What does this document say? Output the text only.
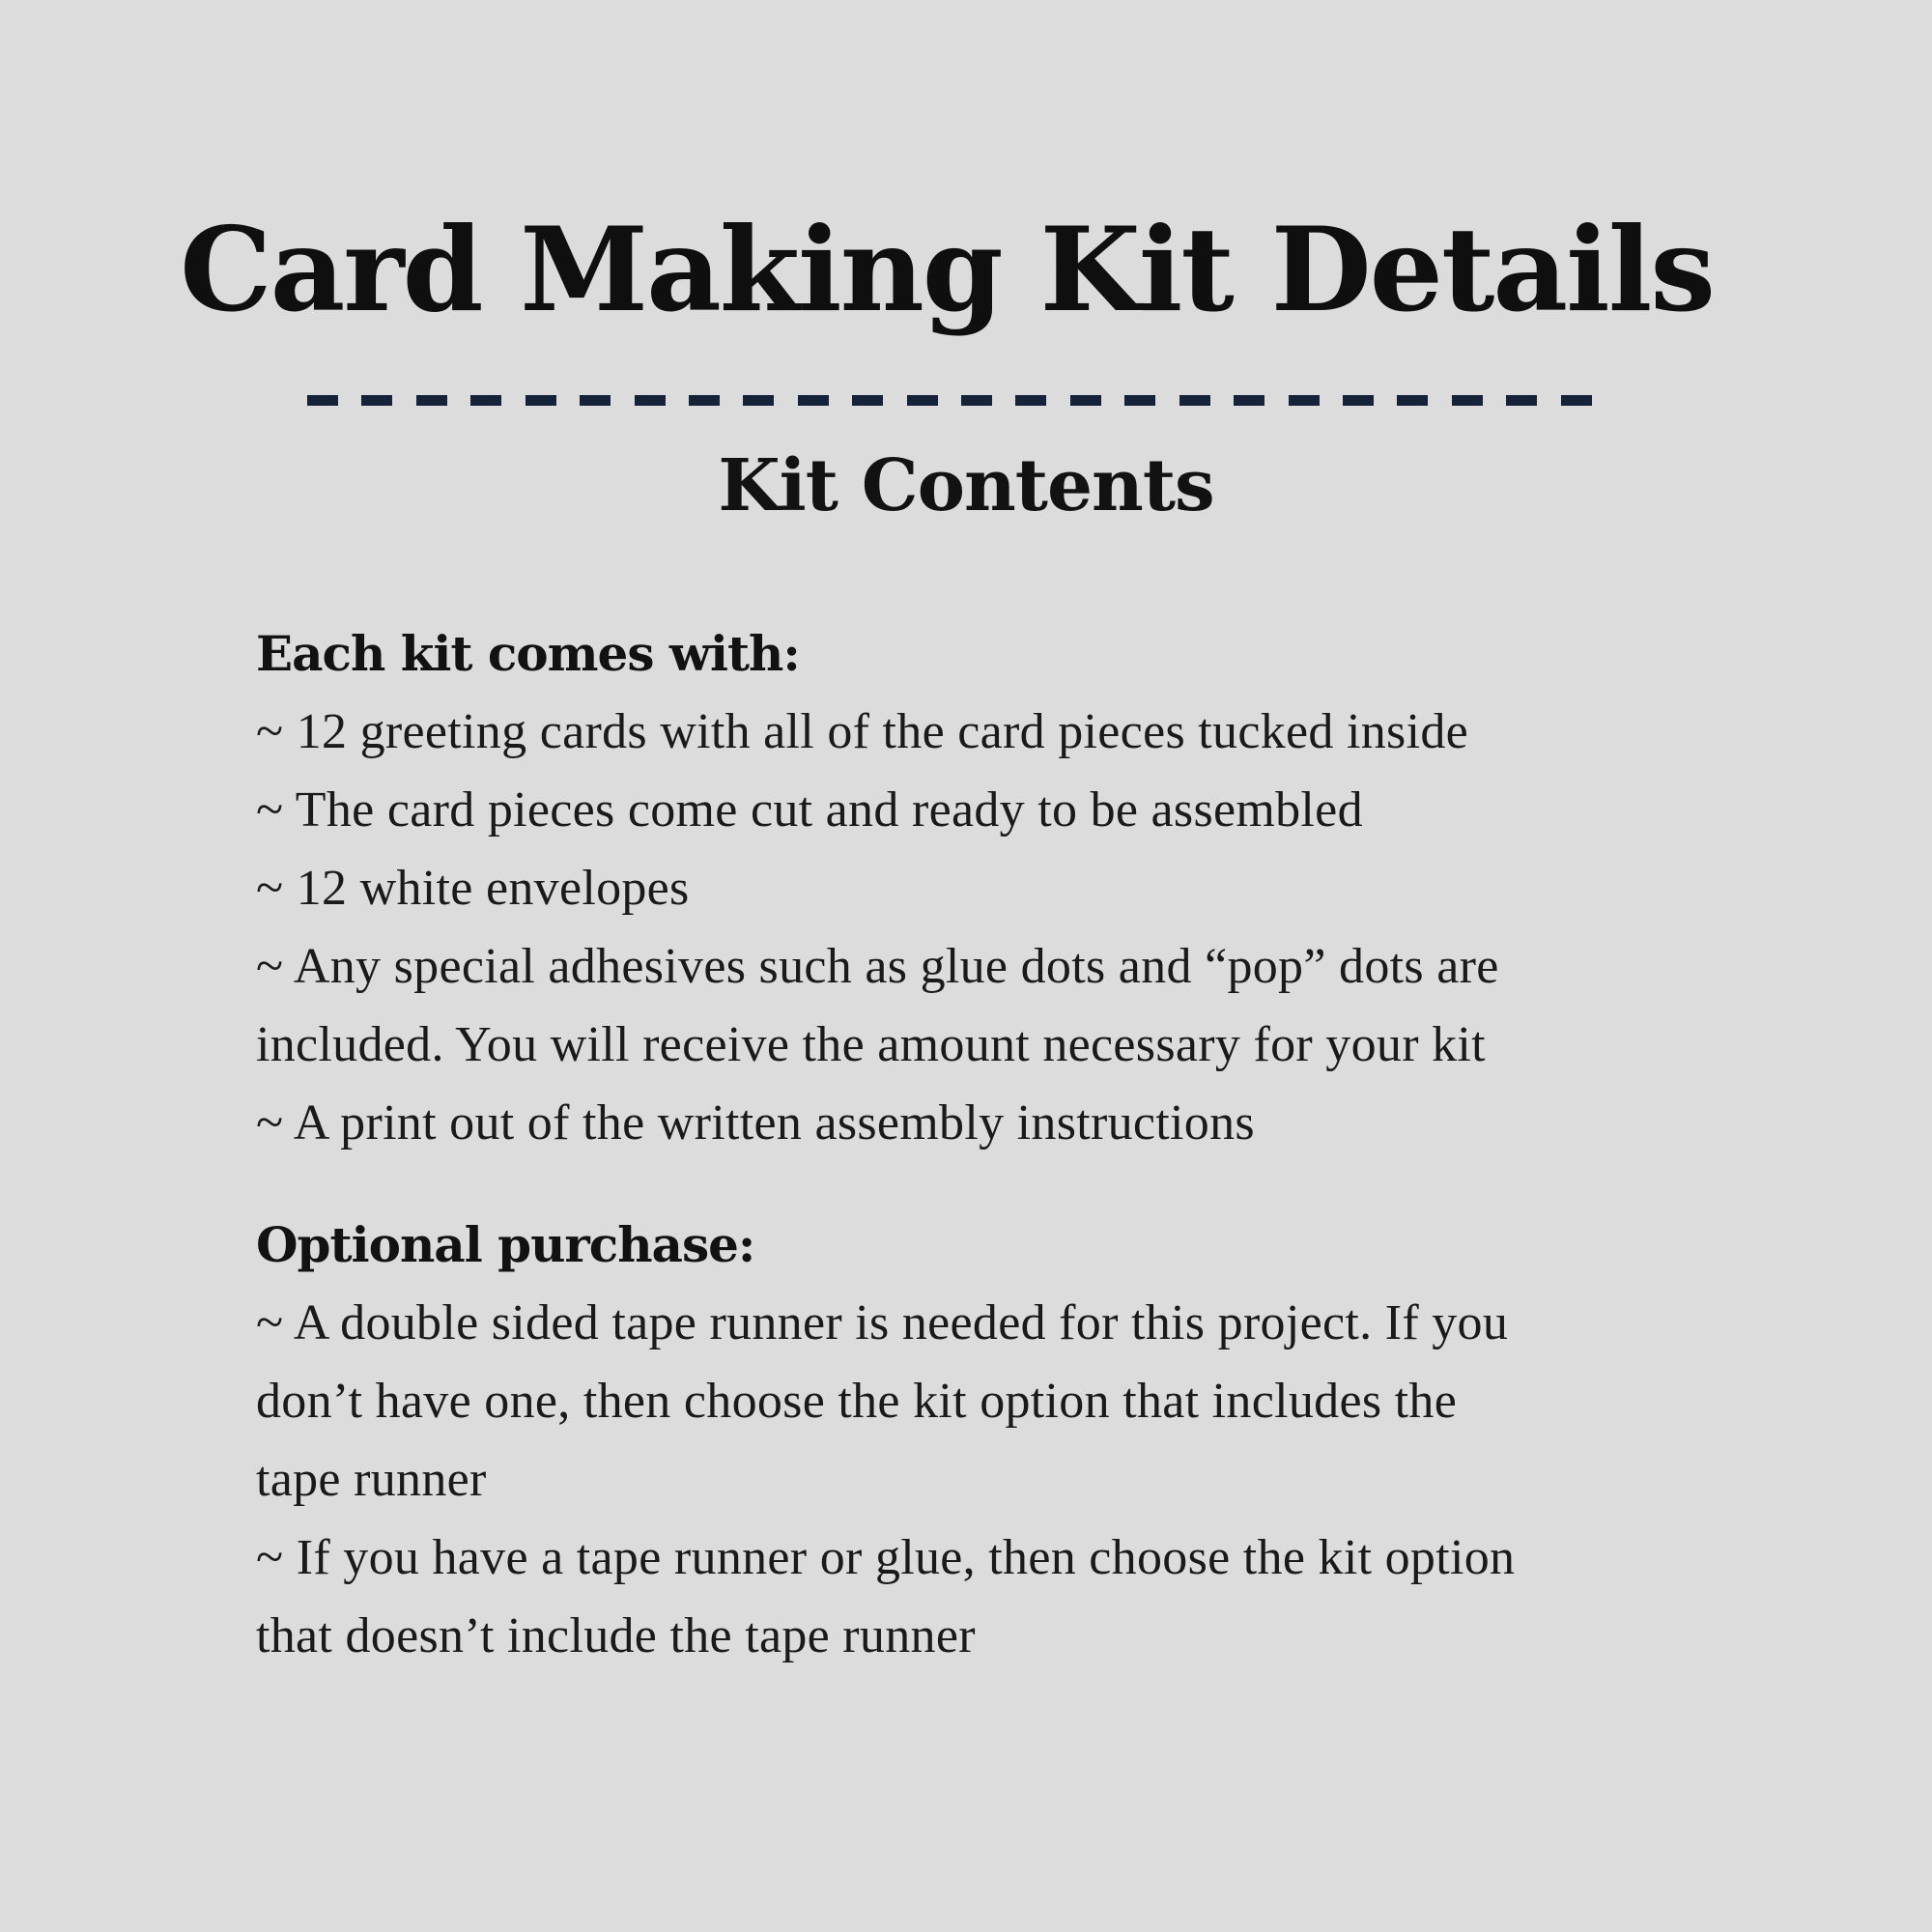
Card Making Kit Details
Kit Contents

Each kit comes with:

~ 12 greeting cards with all of the card pieces tucked inside

~ The card pieces come cut and ready to be assembled

~ 12 white envelopes

~ Any special adhesives such as glue dots and “pop” dots are

included. You will receive the amount necessary for your kit

~ A print out of the written assembly instructions

Optional purchase:

~ A double sided tape runner is needed for this project. If you

don’t have one, then choose the kit option that includes the

tape runner

~ If you have a tape runner or glue, then choose the kit option

that doesn’t include the tape runner
